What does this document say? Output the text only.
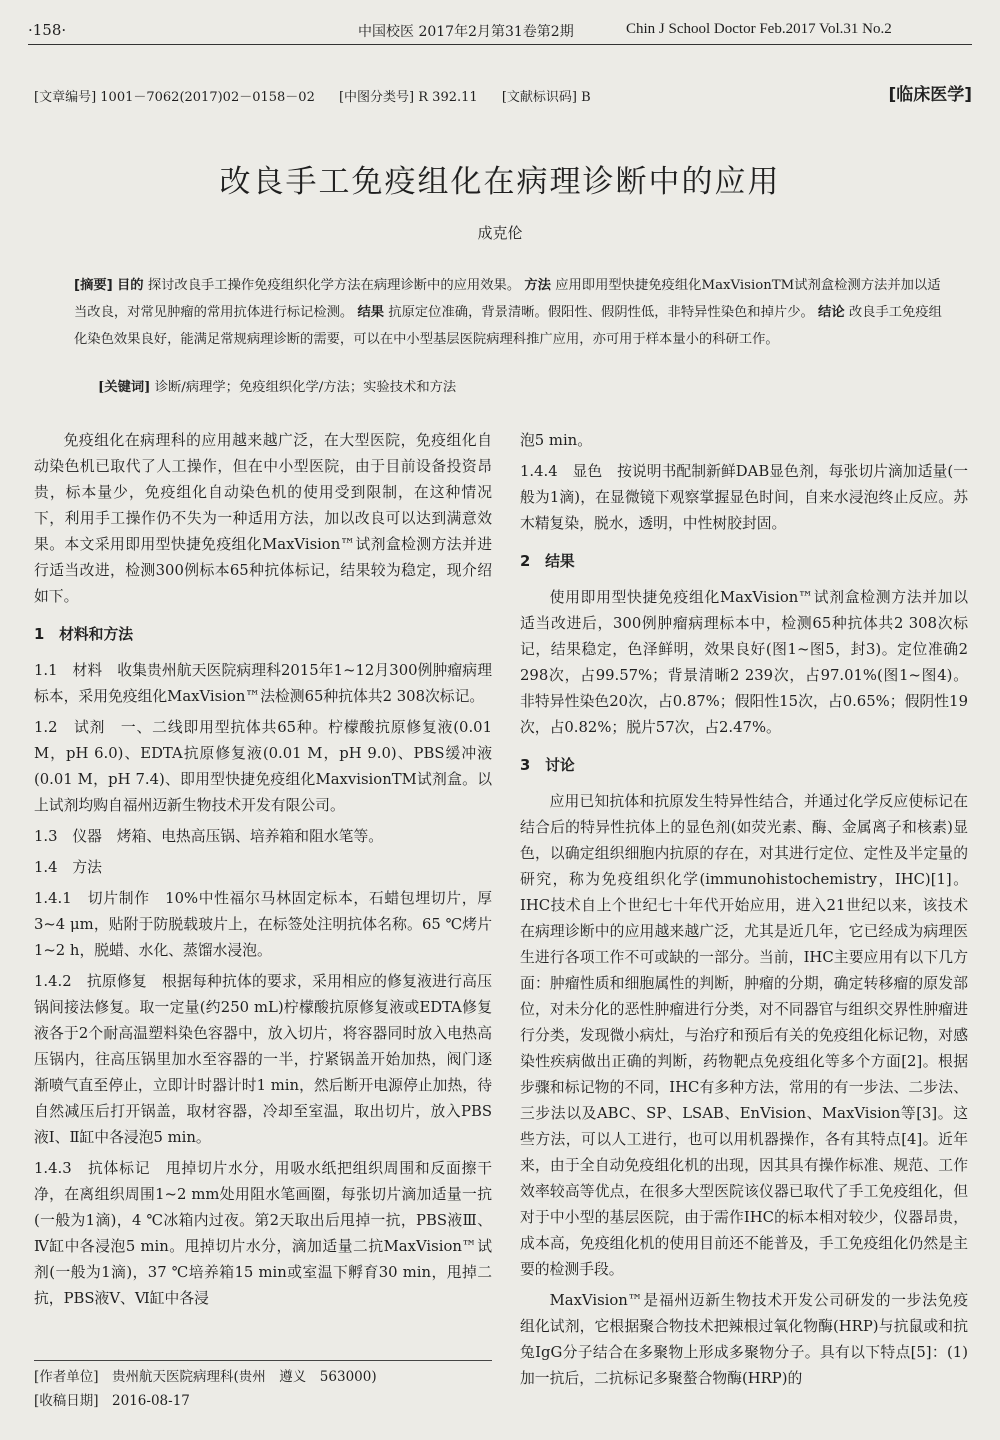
·158·	中国校医 2017年2月第31卷第2期	Chin J School Doctor Feb.2017 Vol.31 No.2
[文章编号] 1001－7062(2017)02－0158－02 [中图分类号] R 392.11 [文献标识码] B	[临床医学]
改良手工免疫组化在病理诊断中的应用
成克伦
[摘要] 目的 探讨改良手工操作免疫组织化学方法在病理诊断中的应用效果。 方法 应用即用型快捷免疫组化MaxVisionTM试剂盒检测方法并加以适当改良，对常见肿瘤的常用抗体进行标记检测。 结果 抗原定位准确，背景清晰。假阳性、假阴性低，非特异性染色和掉片少。 结论 改良手工免疫组化染色效果良好，能满足常规病理诊断的需要，可以在中小型基层医院病理科推广应用，亦可用于样本量小的科研工作。
[关键词] 诊断/病理学；免疫组织化学/方法；实验技术和方法

免疫组化在病理科的应用越来越广泛，在大型医院，免疫组化自动染色机已取代了人工操作，但在中小型医院，由于目前设备投资昂贵，标本量少，免疫组化自动染色机的使用受到限制，在这种情况下，利用手工操作仍不失为一种适用方法，加以改良可以达到满意效果。本文采用即用型快捷免疫组化MaxVision™试剂盒检测方法并进行适当改进，检测300例标本65种抗体标记，结果较为稳定，现介绍如下。

1　材料和方法

1.1　材料　收集贵州航天医院病理科2015年1~12月300例肿瘤病理标本，采用免疫组化MaxVision™法检测65种抗体共2 308次标记。

1.2　试剂　一、二线即用型抗体共65种。柠檬酸抗原修复液(0.01 M，pH 6.0)、EDTA抗原修复液(0.01 M，pH 9.0)、PBS缓冲液(0.01 M，pH 7.4)、即用型快捷免疫组化MaxvisionTM试剂盒。以上试剂均购自福州迈新生物技术开发有限公司。

1.3　仪器　烤箱、电热高压锅、培养箱和阻水笔等。

1.4　方法

1.4.1　切片制作　10%中性福尔马林固定标本，石蜡包埋切片，厚3~4 μm，贴附于防脱载玻片上，在标签处注明抗体名称。65 ℃烤片1~2 h，脱蜡、水化、蒸馏水浸泡。

1.4.2　抗原修复　根据每种抗体的要求，采用相应的修复液进行高压锅间接法修复。取一定量(约250 mL)柠檬酸抗原修复液或EDTA修复液各于2个耐高温塑料染色容器中，放入切片，将容器同时放入电热高压锅内，往高压锅里加水至容器的一半，拧紧锅盖开始加热，阀门逐渐喷气直至停止，立即计时器计时1 min，然后断开电源停止加热，待自然减压后打开锅盖，取材容器，冷却至室温，取出切片，放入PBS液Ⅰ、Ⅱ缸中各浸泡5 min。

1.4.3　抗体标记　甩掉切片水分，用吸水纸把组织周围和反面擦干净，在离组织周围1~2 mm处用阻水笔画圈，每张切片滴加适量一抗(一般为1滴)，4 ℃冰箱内过夜。第2天取出后甩掉一抗，PBS液Ⅲ、Ⅳ缸中各浸泡5 min。甩掉切片水分，滴加适量二抗MaxVision™试剂(一般为1滴)，37 ℃培养箱15 min或室温下孵育30 min，甩掉二抗，PBS液Ⅴ、Ⅵ缸中各浸

泡5 min。

1.4.4　显色　按说明书配制新鲜DAB显色剂，每张切片滴加适量(一般为1滴)，在显微镜下观察掌握显色时间，自来水浸泡终止反应。苏木精复染，脱水，透明，中性树胶封固。

2　结果

使用即用型快捷免疫组化MaxVision™试剂盒检测方法并加以适当改进后，300例肿瘤病理标本中，检测65种抗体共2 308次标记，结果稳定，色泽鲜明，效果良好(图1~图5，封3)。定位准确2 298次，占99.57%；背景清晰2 239次，占97.01%(图1~图4)。非特异性染色20次，占0.87%；假阳性15次，占0.65%；假阴性19次，占0.82%；脱片57次，占2.47%。

3　讨论

应用已知抗体和抗原发生特异性结合，并通过化学反应使标记在结合后的特异性抗体上的显色剂(如荧光素、酶、金属离子和核素)显色，以确定组织细胞内抗原的存在，对其进行定位、定性及半定量的研究，称为免疫组织化学(immunohistochemistry，IHC)[1]。IHC技术自上个世纪七十年代开始应用，进入21世纪以来，该技术在病理诊断中的应用越来越广泛，尤其是近几年，它已经成为病理医生进行各项工作不可或缺的一部分。当前，IHC主要应用有以下几方面：肿瘤性质和细胞属性的判断，肿瘤的分期，确定转移瘤的原发部位，对未分化的恶性肿瘤进行分类，对不同器官与组织交界性肿瘤进行分类，发现微小病灶，与治疗和预后有关的免疫组化标记物，对感染性疾病做出正确的判断，药物靶点免疫组化等多个方面[2]。根据步骤和标记物的不同，IHC有多种方法，常用的有一步法、二步法、三步法以及ABC、SP、LSAB、EnVision、MaxVision等[3]。这些方法，可以人工进行，也可以用机器操作，各有其特点[4]。近年来，由于全自动免疫组化机的出现，因其具有操作标准、规范、工作效率较高等优点，在很多大型医院该仪器已取代了手工免疫组化，但对于中小型的基层医院，由于需作IHC的标本相对较少，仪器昂贵，成本高，免疫组化机的使用目前还不能普及，手工免疫组化仍然是主要的检测手段。

MaxVision™是福州迈新生物技术开发公司研发的一步法免疫组化试剂，它根据聚合物技术把辣根过氧化物酶(HRP)与抗鼠或和抗兔IgG分子结合在多聚物上形成多聚物分子。具有以下特点[5]：(1)加一抗后，二抗标记多聚螯合物酶(HRP)的

[作者单位]　贵州航天医院病理科(贵州　遵义　563000)
[收稿日期]　2016-08-17
